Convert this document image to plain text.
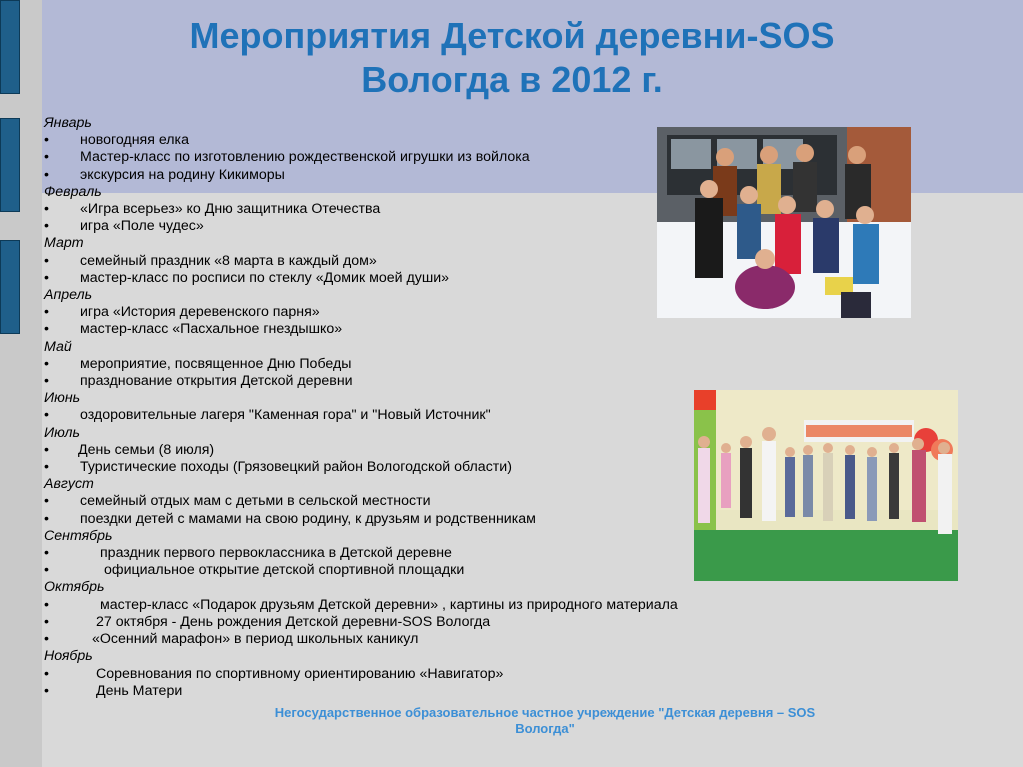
Мероприятия Детской деревни-SOS
Вологда в 2012 г.
Январь
• новогодняя елка
• Мастер-класс по изготовлению рождественской игрушки из войлока
• экскурсия на родину Кикиморы
Февраль
• «Игра всерьез» ко Дню защитника Отечества
• игра «Поле чудес»
Март
• семейный праздник «8 марта в каждый дом»
• мастер-класс по росписи по стеклу «Домик моей души»
Апрель
• игра «История деревенского парня»
• мастер-класс «Пасхальное гнездышко»
Май
• мероприятие, посвященное Дню Победы
• празднование открытия Детской деревни
Июнь
• оздоровительные лагеря "Каменная гора" и "Новый Источник"
Июль
• День семьи (8 июля)
• Туристические походы (Грязовецкий район Вологодской области)
Август
• семейный отдых мам с детьми в сельской местности
• поездки детей с мамами на свою родину, к друзьям и родственникам
Сентябрь
•	праздник первого первоклассника в Детской деревне
•	официальное открытие детской спортивной площадки
Октябрь
•	мастер-класс «Подарок друзьям Детской деревни» , картины из природного материала
•	27 октября - День рождения Детской деревни-SOS Вологда
•	«Осенний марафон» в период школьных каникул
Ноябрь
•	Соревнования по спортивному ориентированию «Навигатор»
•	День Матери
Негосударственное образовательное частное учреждение "Детская деревня – SOS
Вологда"
